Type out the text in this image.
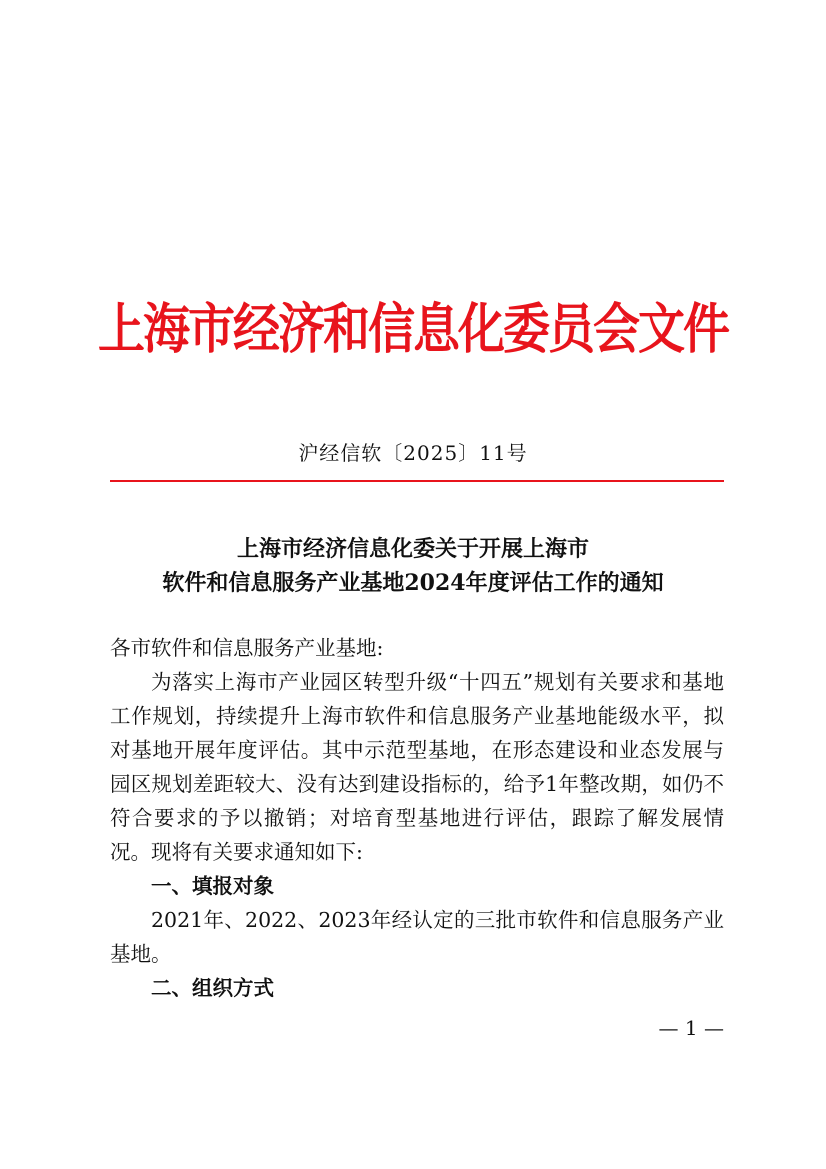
上海市经济和信息化委员会文件
沪经信软〔2025〕11号
上海市经济信息化委关于开展上海市
软件和信息服务产业基地2024年度评估工作的通知

各市软件和信息服务产业基地:

为落实上海市产业园区转型升级“十四五”规划有关要求和基地工作规划，持续提升上海市软件和信息服务产业基地能级水平，拟对基地开展年度评估。其中示范型基地，在形态建设和业态发展与园区规划差距较大、没有达到建设指标的，给予1年整改期，如仍不符合要求的予以撤销；对培育型基地进行评估，跟踪了解发展情况。现将有关要求通知如下:

一、填报对象

2021年、2022、2023年经认定的三批市软件和信息服务产业基地。

二、组织方式

— 1 —
